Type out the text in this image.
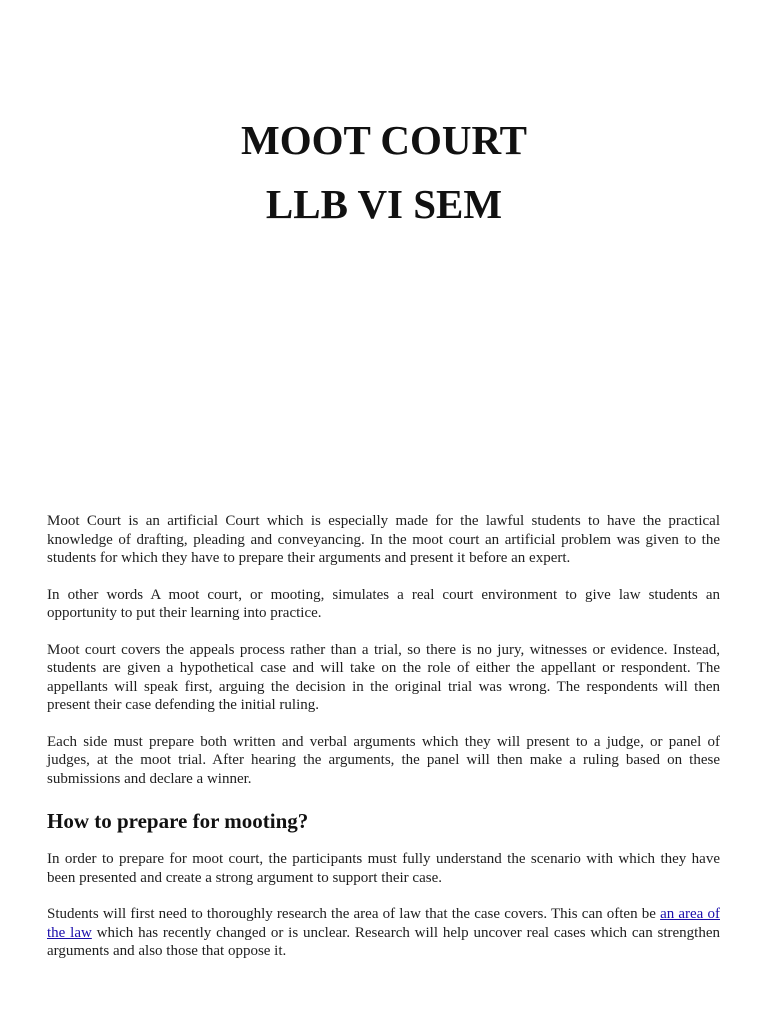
MOOT COURT
LLB VI SEM

Moot Court is an artificial Court which is especially made for the lawful students to have the practical knowledge of drafting, pleading and conveyancing. In the moot court an artificial problem was given to the students for which they have to prepare their arguments and present it before an expert.

In other words A moot court, or mooting, simulates a real court environment to give law students an opportunity to put their learning into practice.

Moot court covers the appeals process rather than a trial, so there is no jury, witnesses or evidence. Instead, students are given a hypothetical case and will take on the role of either the appellant or respondent. The appellants will speak first, arguing the decision in the original trial was wrong. The respondents will then present their case defending the initial ruling.

Each side must prepare both written and verbal arguments which they will present to a judge, or panel of judges, at the moot trial. After hearing the arguments, the panel will then make a ruling based on these submissions and declare a winner.

How to prepare for mooting?

In order to prepare for moot court, the participants must fully understand the scenario with which they have been presented and create a strong argument to support their case.

Students will first need to thoroughly research the area of law that the case covers. This can often be an area of the law which has recently changed or is unclear. Research will help uncover real cases which can strengthen arguments and also those that oppose it.
